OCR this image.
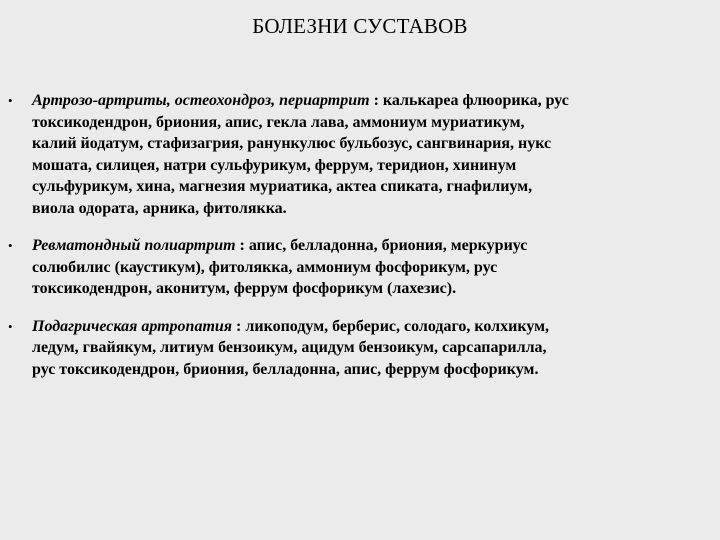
БОЛЕЗНИ СУСТАВОВ
•	Артрозо-артриты, остеохондроз, периартрит : калькарea флюорика, рус
токсикодендрон, бриония, апис, гекла лава, аммониум муриатикум,
калий йодатум, стафизагрия, ранункулюс бульбозус, сангвинария, нукс
мошата, силицея, натри сульфурикум, феррум, теридион, хининум
сульфурикум, хина, магнезия муриатика, актеа спиката, гнафилиум,
виола одората, арника, фитолякка.
•	Ревматондный полиартрит : апис, белладонна, бриония, меркуриус
солюбилис (каустикум), фитолякка, аммониум фосфорикум, рус
токсикодендрон, аконитум, феррум фосфорикум (лахезис).
•	Подагрическая артропатия : ликоподум, берберис, солодаго, колхикум,
ледум, гвайякум, литиум бензоикум, ацидум бензоикум, сарсапарилла,
рус токсикодендрон, бриония, белладонна, апис, феррум фосфорикум.
